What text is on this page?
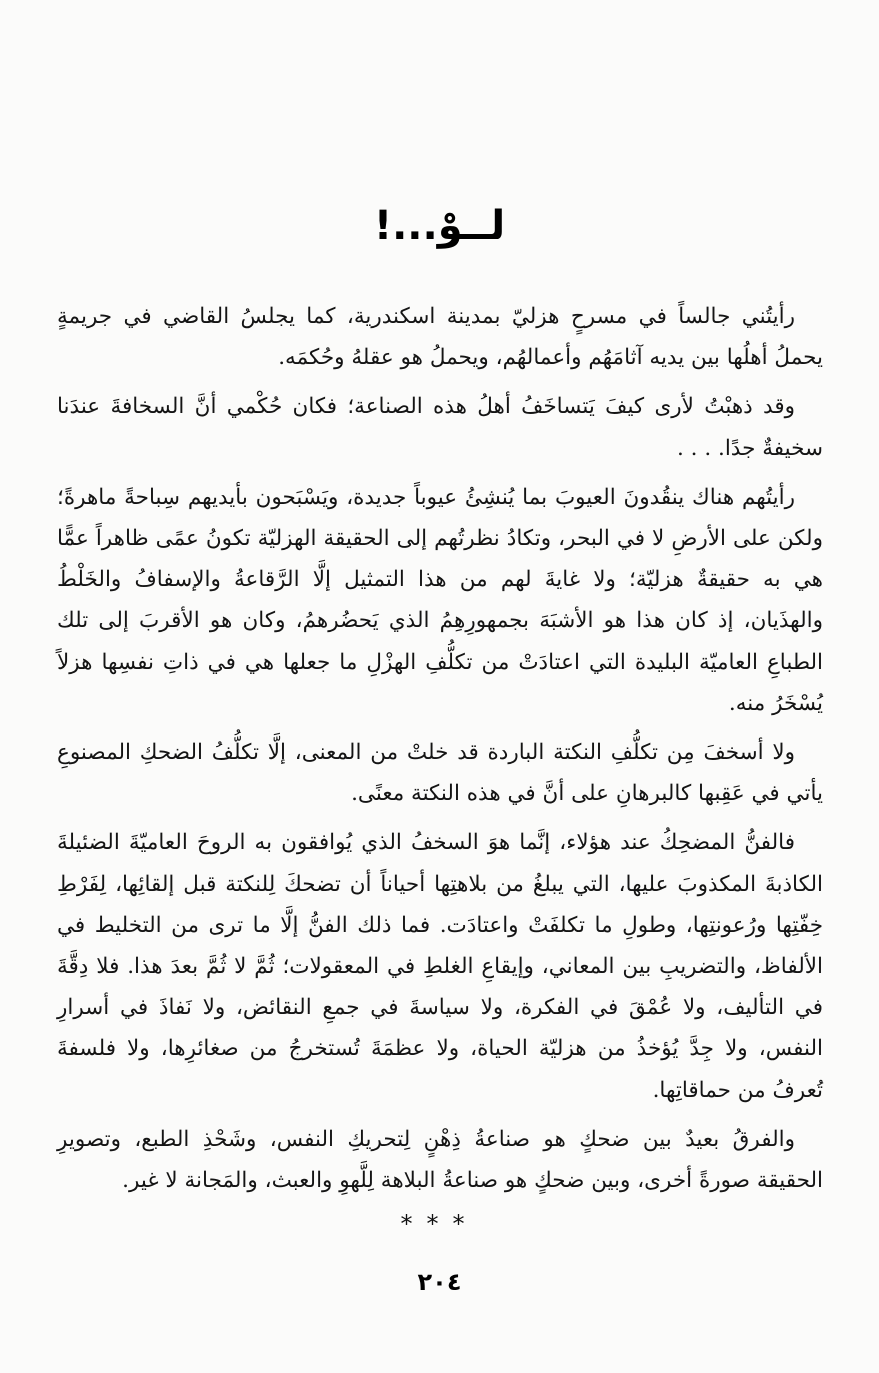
لــوْ...!

رأيتُني جالساً في مسرحٍ هزليّ بمدينة اسكندرية، كما يجلسُ القاضي في جريمةٍ يحملُ أهلُها بين يديه آثامَهُم وأعمالهُم، ويحملُ هو عقلهُ وحُكمَه.

وقد ذهبْتُ لأرى كيفَ يَتساخَفُ أهلُ هذه الصناعة؛ فكان حُكْمي أنَّ السخافةَ عندَنا سخيفةٌ جدًا. . . .

رأيتُهم هناك ينقُدونَ العيوبَ بما يُنشِئُ عيوباً جديدة، ويَسْبَحون بأيديهم سِباحةً ماهرةً؛ ولكن على الأرضِ لا في البحر، وتكادُ نظرتُهم إلى الحقيقة الهزليّة تكونُ عمًى ظاهراً عمًّا هي به حقيقةٌ هزليّة؛ ولا غايةَ لهم من هذا التمثيل إلَّا الرَّقاعةُ والإسفافُ والخَلْطُ والهذَيان، إذ كان هذا هو الأشبَهَ بجمهورِهِمُ الذي يَحضُرهمُ، وكان هو الأقربَ إلى تلك الطباعِ العاميّة البليدة التي اعتادَتْ من تكلُّفِ الهزْلِ ما جعلها هي في ذاتِ نفسِها هزلاً يُسْخَرُ منه.

ولا أسخفَ مِن تكلُّفِ النكتة الباردة قد خلتْ من المعنى، إلَّا تكلُّفُ الضحكِ المصنوعِ يأتي في عَقِبها كالبرهانِ على أنَّ في هذه النكتة معنًى.

فالفنُّ المضحِكُ عند هؤلاء، إنَّما هوَ السخفُ الذي يُوافقون به الروحَ العاميّةَ الضئيلةَ الكاذبةَ المكذوبَ عليها، التي يبلغُ من بلاهتِها أحياناً أن تضحكَ لِلنكتة قبل إلقائِها، لِفَرْطِ خِفّتِها ورُعونتِها، وطولِ ما تكلفَتْ واعتادَت. فما ذلك الفنُّ إلَّا ما ترى من التخليط في الألفاظ، والتضريبِ بين المعاني، وإيقاعِ الغلطِ في المعقولات؛ ثُمَّ لا ثُمَّ بعدَ هذا. فلا دِقَّةَ في التأليف، ولا عُمْقَ في الفكرة، ولا سياسةَ في جمعِ النقائض، ولا نَفاذَ في أسرارِ النفس، ولا جِدَّ يُؤخذُ من هزليّة الحياة، ولا عظمَةَ تُستخرجُ من صغائرِها، ولا فلسفةَ تُعرفُ من حماقاتِها.

والفرقُ بعيدٌ بين ضحكٍ هو صناعةُ ذِهْنٍ لِتحريكِ النفس، وشَحْذِ الطبع، وتصويرِ الحقيقة صورةً أخرى، وبين ضحكٍ هو صناعةُ البلاهة لِلَّهوِ والعبث، والمَجانة لا غير.

***
٢٠٤
